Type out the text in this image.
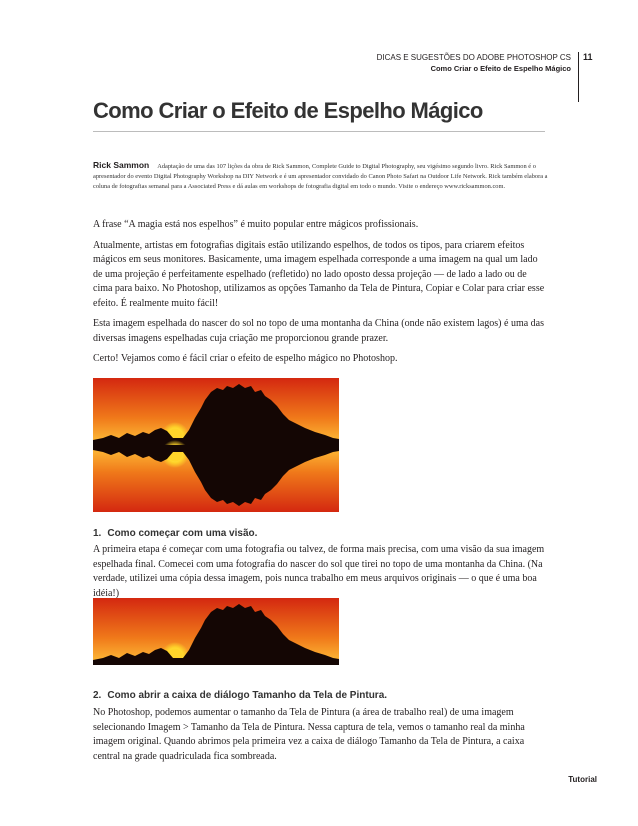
DICAS E SUGESTÕES DO ADOBE PHOTOSHOP CS
Como Criar o Efeito de Espelho Mágico
11
Como Criar o Efeito de Espelho Mágico
Rick Sammon Adaptação de uma das 107 lições da obra de Rick Sammon, Complete Guide to Digital Photography, seu vigésimo segundo livro. Rick Sammon é o apresentador do evento Digital Photography Workshop na DIY Network e é um apresentador convidado do Canon Photo Safari na Outdoor Life Network. Rick também elabora a coluna de fotografias semanal para a Associated Press e dá aulas em workshops de fotografia digital em todo o mundo. Visite o endereço www.ricksammon.com.

A frase “A magia está nos espelhos” é muito popular entre mágicos profissionais.

Atualmente, artistas em fotografias digitais estão utilizando espelhos, de todos os tipos, para criarem efeitos mágicos em seus monitores. Basicamente, uma imagem espelhada corresponde a uma imagem na qual um lado de uma projeção é perfeitamente espelhado (refletido) no lado oposto dessa projeção — de lado a lado ou de cima para baixo. No Photoshop, utilizamos as opções Tamanho da Tela de Pintura, Copiar e Colar para criar esse efeito. É realmente muito fácil!

Esta imagem espelhada do nascer do sol no topo de uma montanha da China (onde não existem lagos) é uma das diversas imagens espelhadas cuja criação me proporcionou grande prazer.

Certo! Vejamos como é fácil criar o efeito de espelho mágico no Photoshop.

1. Como começar com uma visão.

A primeira etapa é começar com uma fotografia ou talvez, de forma mais precisa, com uma visão da sua imagem espelhada final. Comecei com uma fotografia do nascer do sol que tirei no topo de uma montanha da China. (Na verdade, utilizei uma cópia dessa imagem, pois nunca trabalho em meus arquivos originais — o que é uma boa idéia!)

2. Como abrir a caixa de diálogo Tamanho da Tela de Pintura.

No Photoshop, podemos aumentar o tamanho da Tela de Pintura (a área de trabalho real) de uma imagem selecionando Imagem > Tamanho da Tela de Pintura. Nessa captura de tela, vemos o tamanho real da minha imagem original. Quando abrimos pela primeira vez a caixa de diálogo Tamanho da Tela de Pintura, a caixa central na grade quadriculada fica sombreada.

Tutorial
